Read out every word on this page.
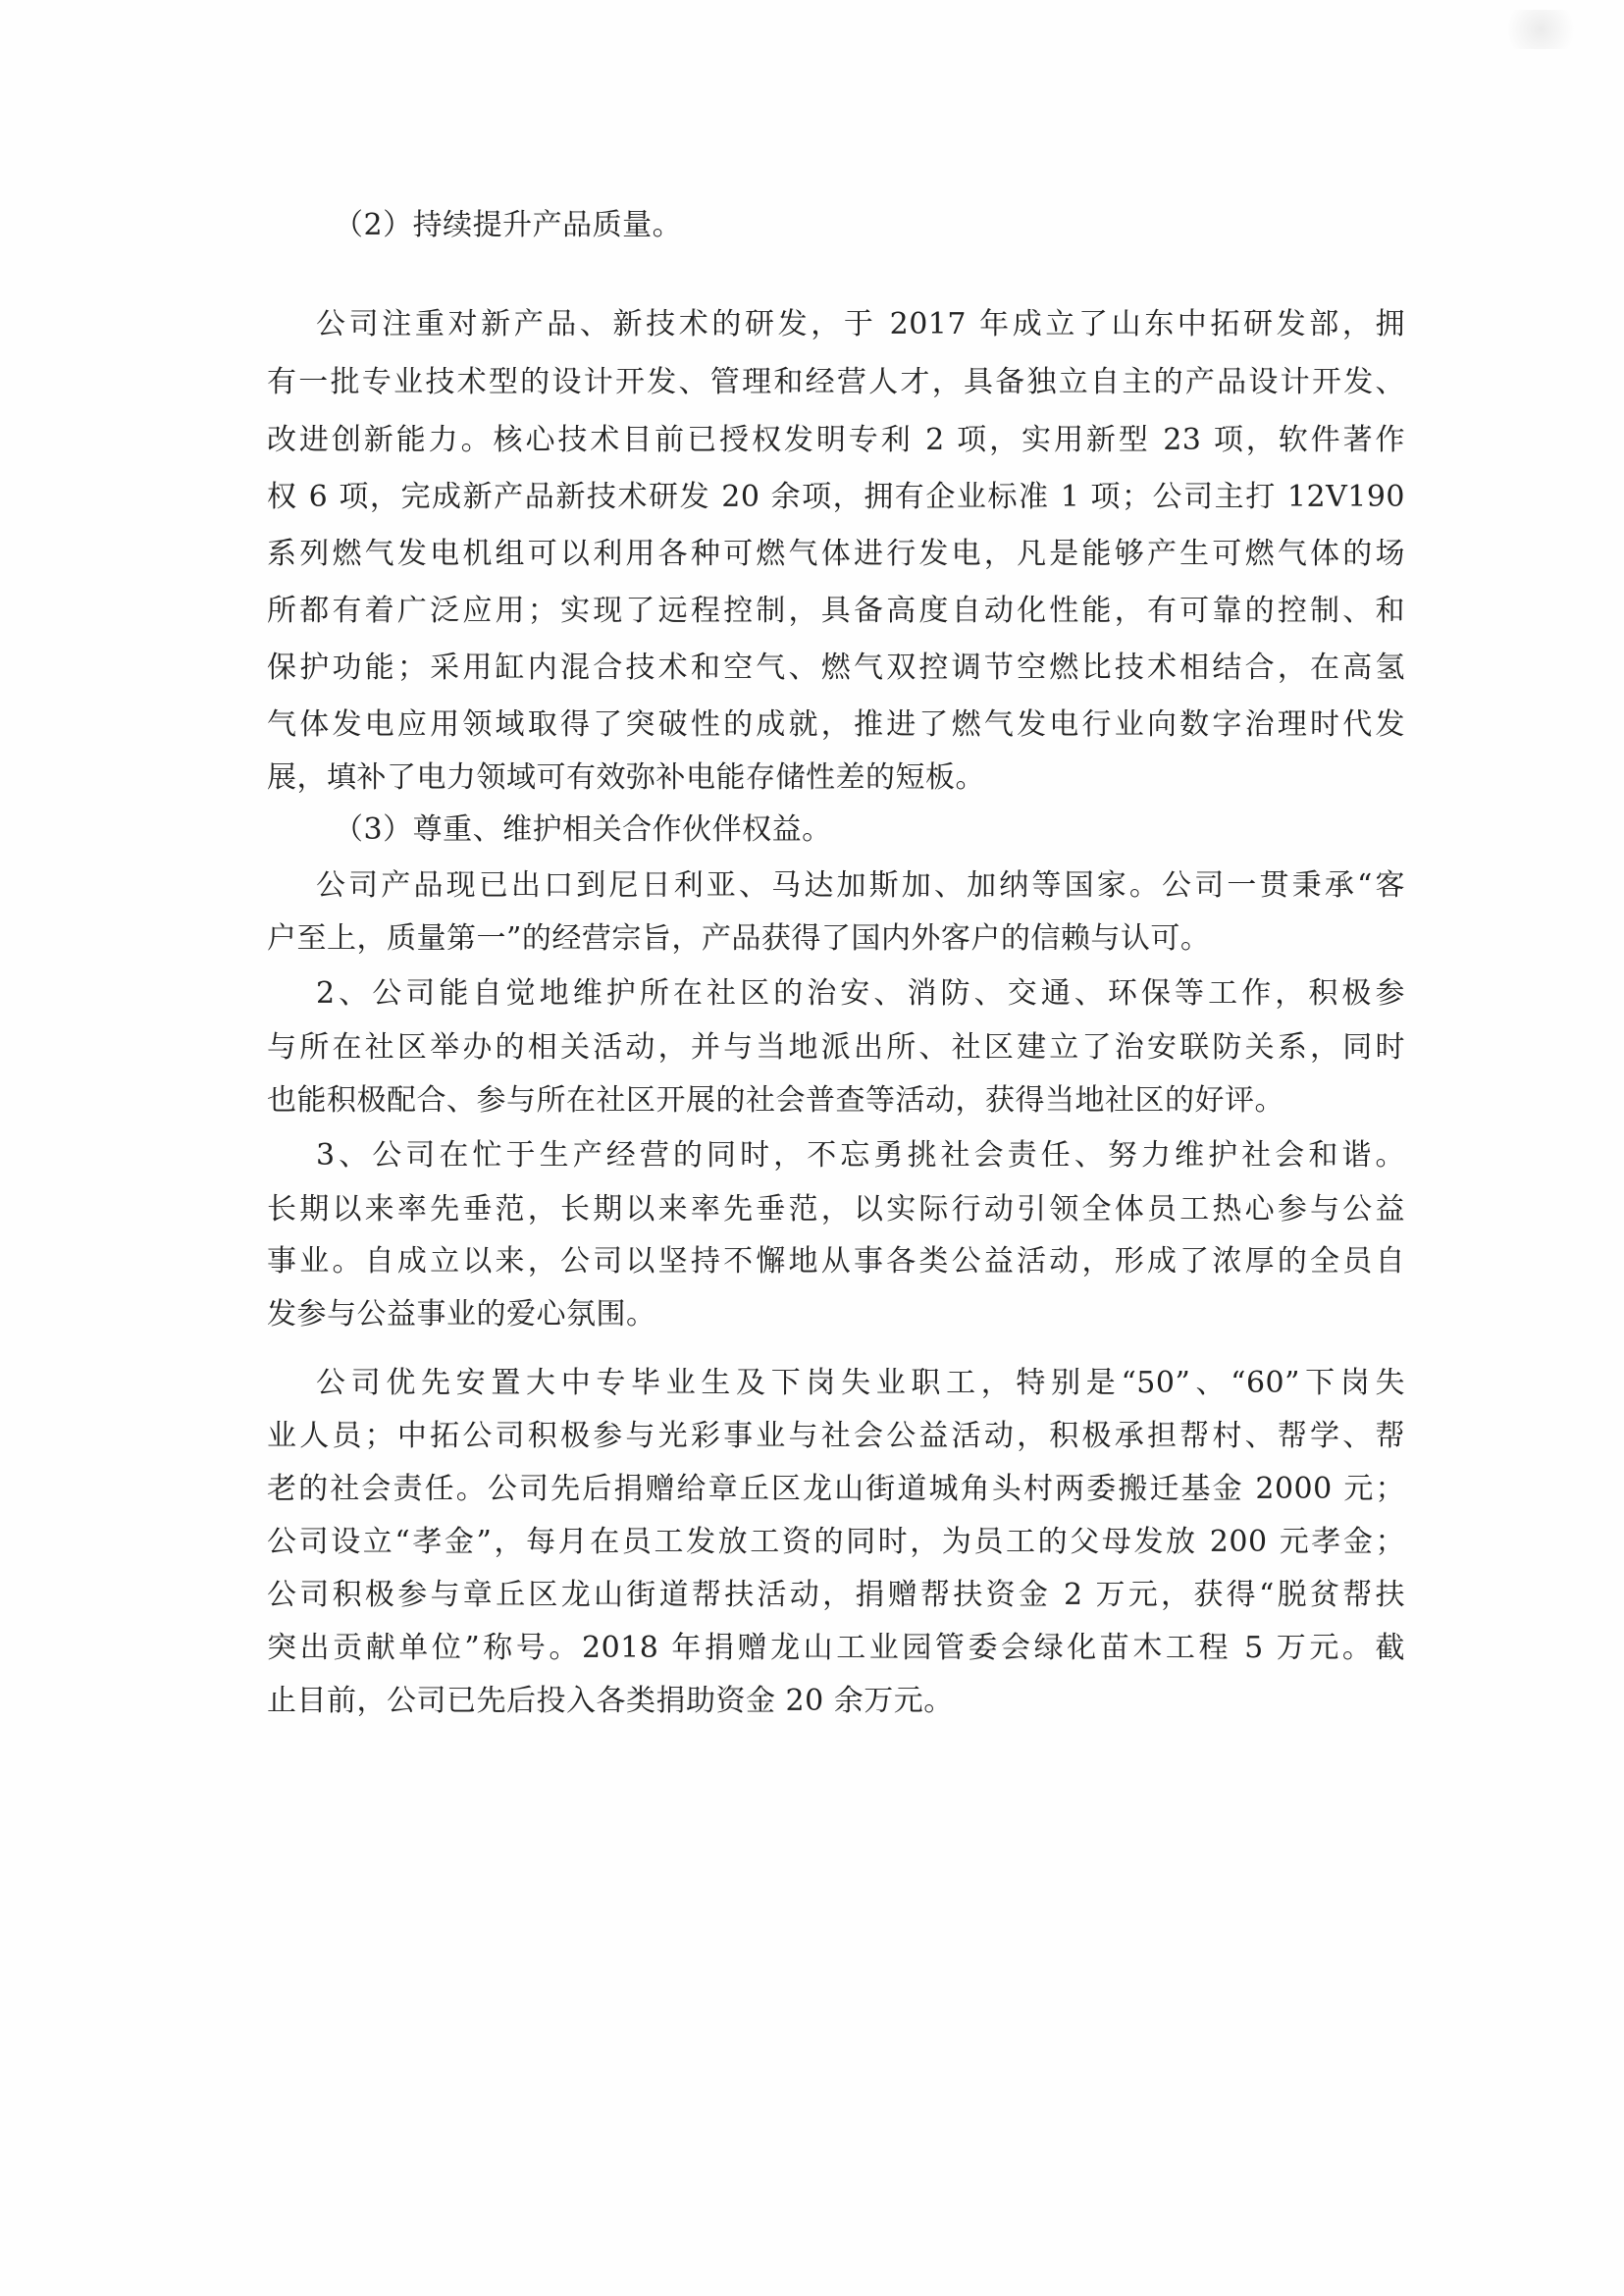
（2）持续提升产品质量。
公司注重对新产品、新技术的研发，于 2017 年成立了山东中拓研发部，拥
有一批专业技术型的设计开发、管理和经营人才，具备独立自主的产品设计开发、
改进创新能力。核心技术目前已授权发明专利 2 项，实用新型 23 项，软件著作
权 6 项，完成新产品新技术研发 20 余项，拥有企业标准 1 项；公司主打 12V190
系列燃气发电机组可以利用各种可燃气体进行发电，凡是能够产生可燃气体的场
所都有着广泛应用；实现了远程控制，具备高度自动化性能，有可靠的控制、和
保护功能；采用缸内混合技术和空气、燃气双控调节空燃比技术相结合，在高氢
气体发电应用领域取得了突破性的成就，推进了燃气发电行业向数字治理时代发
展，填补了电力领域可有效弥补电能存储性差的短板。
（3）尊重、维护相关合作伙伴权益。
公司产品现已出口到尼日利亚、马达加斯加、加纳等国家。公司一贯秉承“客
户至上，质量第一”的经营宗旨，产品获得了国内外客户的信赖与认可。
2、公司能自觉地维护所在社区的治安、消防、交通、环保等工作，积极参
与所在社区举办的相关活动，并与当地派出所、社区建立了治安联防关系，同时
也能积极配合、参与所在社区开展的社会普查等活动，获得当地社区的好评。
3、公司在忙于生产经营的同时，不忘勇挑社会责任、努力维护社会和谐。
长期以来率先垂范，长期以来率先垂范，以实际行动引领全体员工热心参与公益
事业。自成立以来，公司以坚持不懈地从事各类公益活动，形成了浓厚的全员自
发参与公益事业的爱心氛围。
公司优先安置大中专毕业生及下岗失业职工，特别是“50”、“60”下岗失
业人员；中拓公司积极参与光彩事业与社会公益活动，积极承担帮村、帮学、帮
老的社会责任。公司先后捐赠给章丘区龙山街道城角头村两委搬迁基金 2000 元；
公司设立“孝金”，每月在员工发放工资的同时，为员工的父母发放 200 元孝金；
公司积极参与章丘区龙山街道帮扶活动，捐赠帮扶资金 2 万元，获得“脱贫帮扶
突出贡献单位”称号。2018 年捐赠龙山工业园管委会绿化苗木工程 5 万元。截
止目前，公司已先后投入各类捐助资金 20 余万元。
